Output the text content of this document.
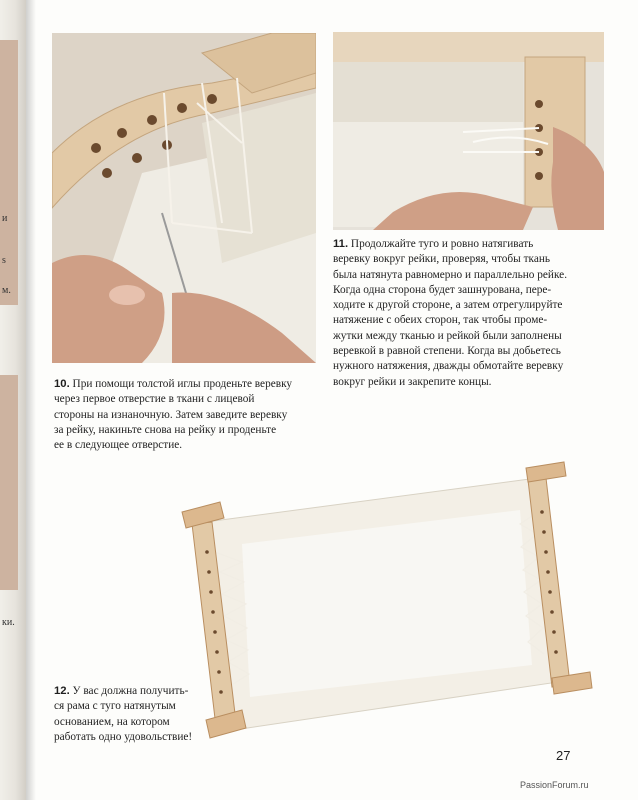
и
s
м.
ки.
10. При помощи толстой иглы проденьте веревку
через первое отверстие в ткани с лицевой
стороны на изнаночную. Затем заведите веревку
за рейку, накиньте снова на рейку и проденьте
ее в следующее отверстие.
11. Продолжайте туго и ровно натягивать
веревку вокруг рейки, проверяя, чтобы ткань
была натянута равномерно и параллельно рейке.
Когда одна сторона будет зашнурована, пере-
ходите к другой стороне, а затем отрегулируйте
натяжение с обеих сторон, так чтобы проме-
жутки между тканью и рейкой были заполнены
веревкой в равной степени. Когда вы добьетесь
нужного натяжения, дважды обмотайте веревку
вокруг рейки и закрепите концы.
12. У вас должна получить-
ся рама с туго натянутым
основанием, на котором
работать одно удовольствие!
27
PassionForum.ru
